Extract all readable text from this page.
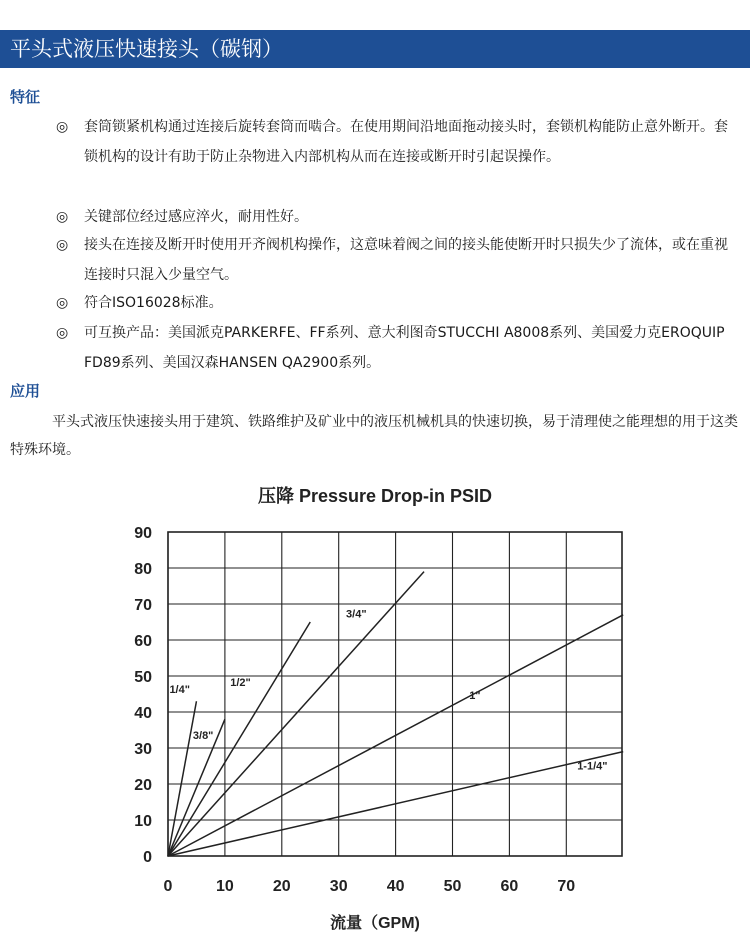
平头式液压快速接头（碳钢）
特征
◎	套筒锁紧机构通过连接后旋转套筒而啮合。在使用期间沿地面拖动接头时，套锁机构能防止意外断开。套锁机构的设计有助于防止杂物进入内部机构从而在连接或断开时引起误操作。
◎	关键部位经过感应淬火，耐用性好。
◎	接头在连接及断开时使用开齐阀机构操作，这意味着阀之间的接头能使断开时只损失少了流体，或在重视连接时只混入少量空气。
◎	符合ISO16028标准。
◎	可互换产品：美国派克PARKERFE、FF系列、意大利图奇STUCCHI A8008系列、美国爱力克EROQUIP FD89系列、美国汉森HANSEN QA2900系列。
应用
平头式液压快速接头用于建筑、铁路维护及矿业中的液压机械机具的快速切换，易于清理使之能理想的用于这类特殊环境。
压降 Pressure Drop-in PSID
0
10
20
30
40
50
60
70
80
90
0	10 20 30 40 50 60 70
1/4"
3/8"
1/2"
3/4"
1"
1-1/4"
流量（GPM)
